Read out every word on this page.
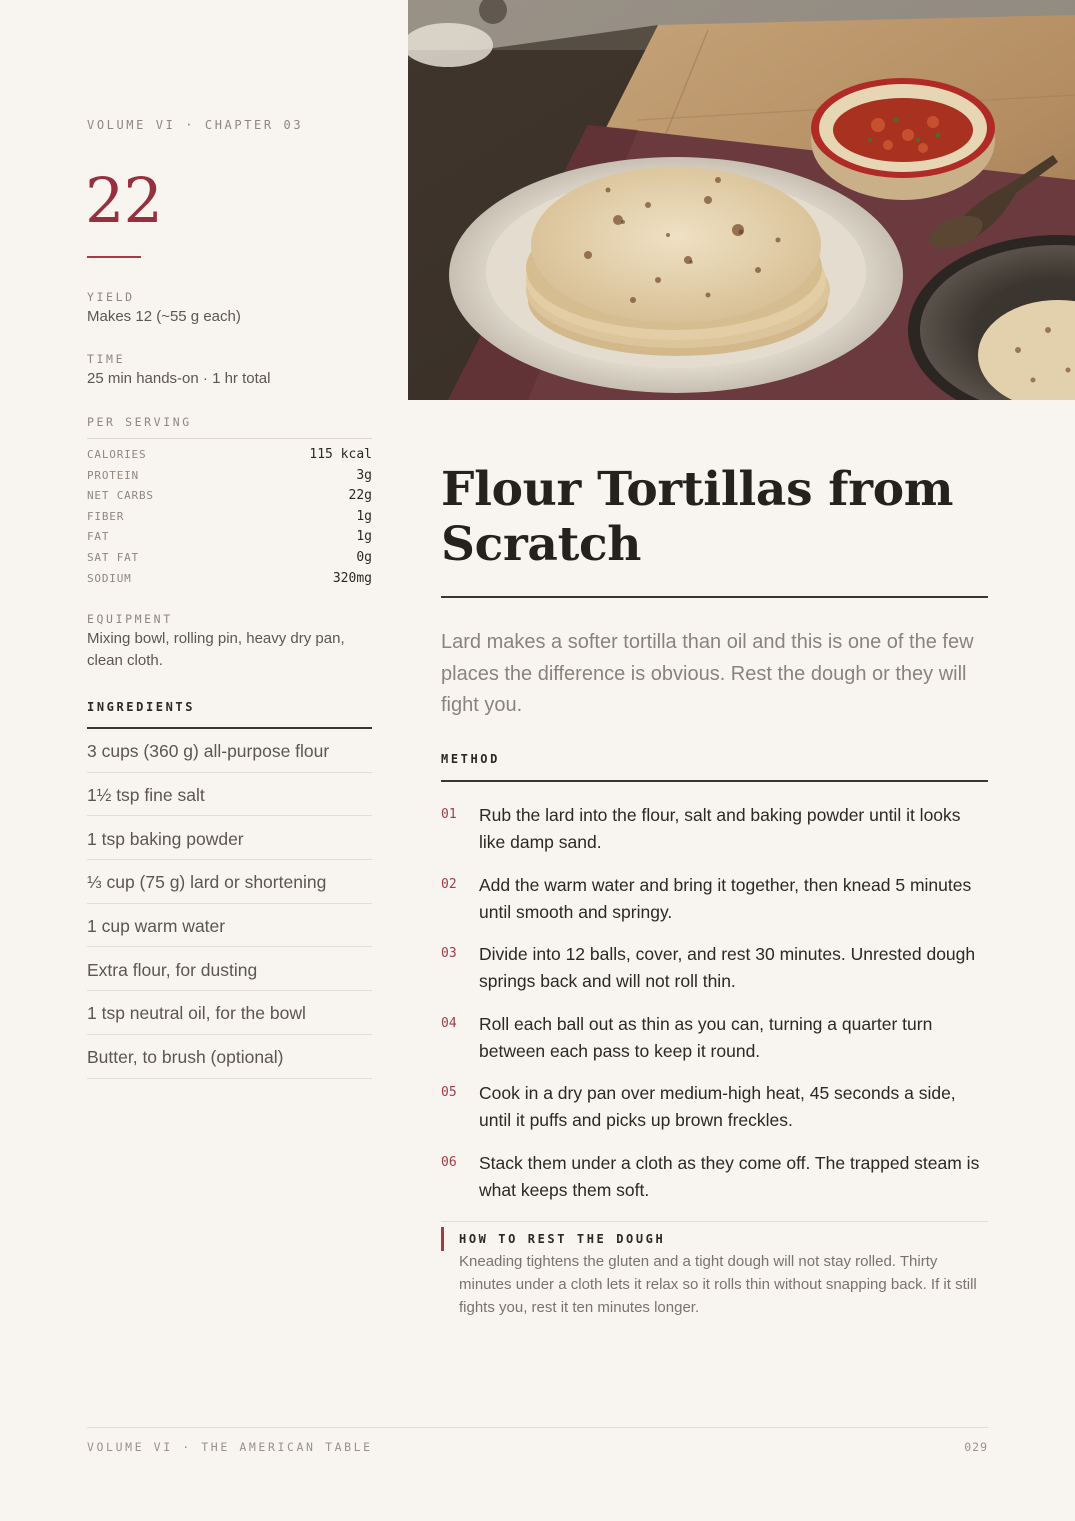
VOLUME VI · CHAPTER 03
22
YIELD
Makes 12 (~55 g each)
TIME
25 min hands-on · 1 hr total
PER SERVING
CALORIES	115 kcal
PROTEIN	3g
NET CARBS	22g
FIBER	1g
FAT	1g
SAT FAT	0g
SODIUM	320mg
EQUIPMENT
Mixing bowl, rolling pin, heavy dry pan, clean cloth.
INGREDIENTS
3 cups (360 g) all-purpose flour
1½ tsp fine salt
1 tsp baking powder
⅓ cup (75 g) lard or shortening
1 cup warm water
Extra flour, for dusting
1 tsp neutral oil, for the bowl
Butter, to brush (optional)
Flour Tortillas from Scratch

Lard makes a softer tortilla than oil and this is one of the few places the difference is obvious. Rest the dough or they will fight you.

METHOD
01	Rub the lard into the flour, salt and baking powder until it looks like damp sand.
02	Add the warm water and bring it together, then knead 5 minutes until smooth and springy.
03	Divide into 12 balls, cover, and rest 30 minutes. Unrested dough springs back and will not roll thin.
04	Roll each ball out as thin as you can, turning a quarter turn between each pass to keep it round.
05	Cook in a dry pan over medium-high heat, 45 seconds a side, until it puffs and picks up brown freckles.
06	Stack them under a cloth as they come off. The trapped steam is what keeps them soft.
HOW TO REST THE DOUGH
Kneading tightens the gluten and a tight dough will not stay rolled. Thirty minutes under a cloth lets it relax so it rolls thin without snapping back. If it still fights you, rest it ten minutes longer.
VOLUME VI · THE AMERICAN TABLE	029
